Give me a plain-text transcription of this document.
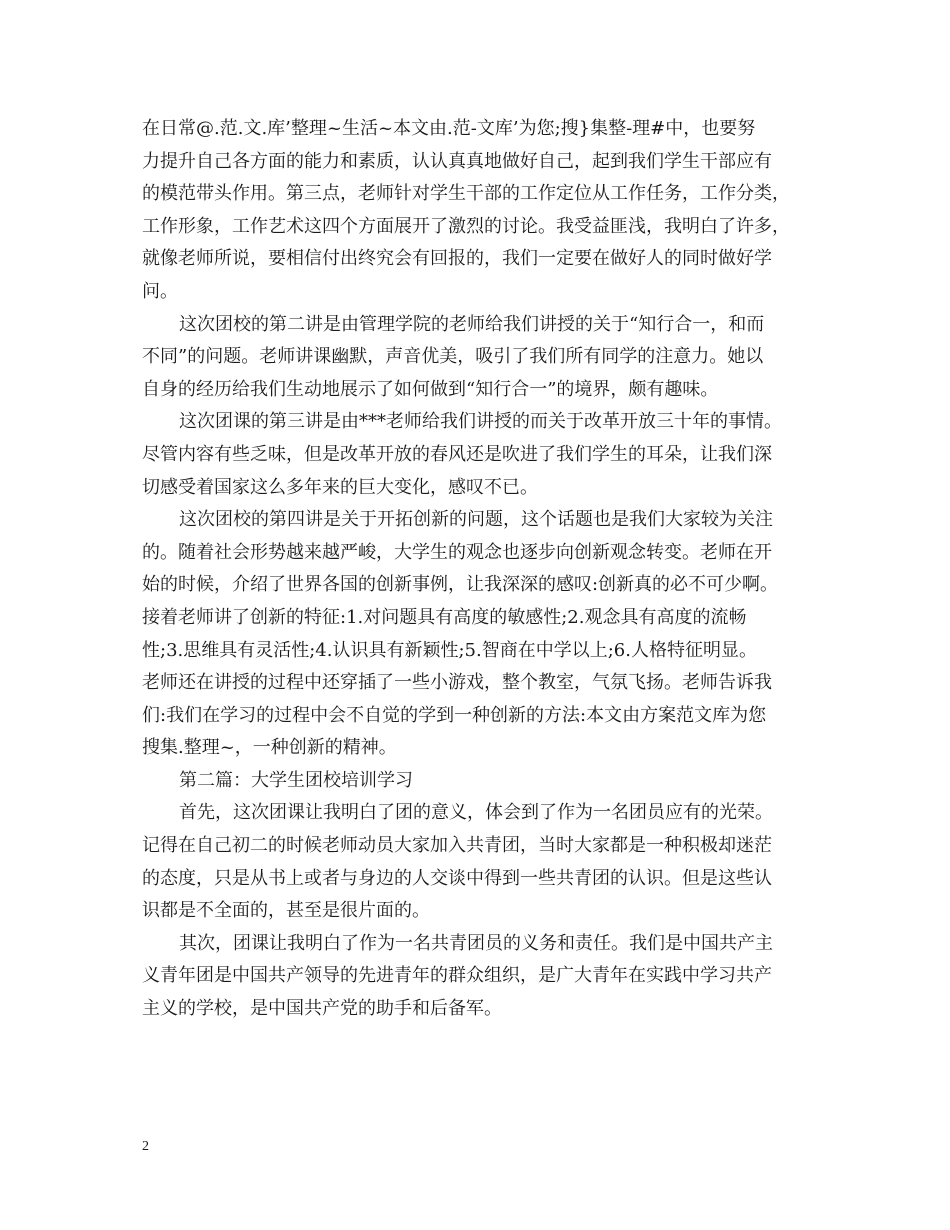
在日常@.范.文.库’整理~生活~本文由.范-文库’为您;搜}集整-理#中，也要努
力提升自己各方面的能力和素质，认认真真地做好自己，起到我们学生干部应有
的模范带头作用。第三点，老师针对学生干部的工作定位从工作任务，工作分类，
工作形象，工作艺术这四个方面展开了激烈的讨论。我受益匪浅，我明白了许多，
就像老师所说，要相信付出终究会有回报的，我们一定要在做好人的同时做好学
问。
这次团校的第二讲是由管理学院的老师给我们讲授的关于“知行合一，和而
不同”的问题。老师讲课幽默，声音优美，吸引了我们所有同学的注意力。她以
自身的经历给我们生动地展示了如何做到“知行合一”的境界，颇有趣味。
这次团课的第三讲是由***老师给我们讲授的而关于改革开放三十年的事情。
尽管内容有些乏味，但是改革开放的春风还是吹进了我们学生的耳朵，让我们深
切感受着国家这么多年来的巨大变化，感叹不已。
这次团校的第四讲是关于开拓创新的问题，这个话题也是我们大家较为关注
的。随着社会形势越来越严峻，大学生的观念也逐步向创新观念转变。老师在开
始的时候，介绍了世界各国的创新事例，让我深深的感叹:创新真的必不可少啊。
接着老师讲了创新的特征:1.对问题具有高度的敏感性;2.观念具有高度的流畅
性;3.思维具有灵活性;4.认识具有新颖性;5.智商在中学以上;6.人格特征明显。
老师还在讲授的过程中还穿插了一些小游戏，整个教室，气氛飞扬。老师告诉我
们:我们在学习的过程中会不自觉的学到一种创新的方法:本文由方案范文库为您
搜集.整理~，一种创新的精神。
第二篇：大学生团校培训学习
首先，这次团课让我明白了团的意义，体会到了作为一名团员应有的光荣。
记得在自己初二的时候老师动员大家加入共青团，当时大家都是一种积极却迷茫
的态度，只是从书上或者与身边的人交谈中得到一些共青团的认识。但是这些认
识都是不全面的，甚至是很片面的。
其次，团课让我明白了作为一名共青团员的义务和责任。我们是中国共产主
义青年团是中国共产领导的先进青年的群众组织，是广大青年在实践中学习共产
主义的学校，是中国共产党的助手和后备军。
2
